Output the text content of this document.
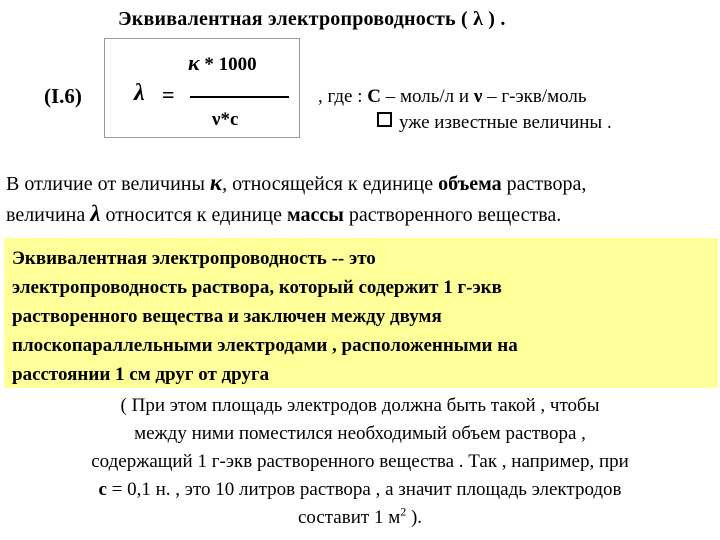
Эквивалентная электропроводность ( λ ) .
(I.6)
κ * 1000
λ =
ν*c
, где : С – моль/л и ν – г-экв/моль
уже известные величины .
В отличие от величины κ, относящейся к единице объема раствора,
величина λ относится к единице массы растворенного вещества.
Эквивалентная электропроводность -- это
электропроводность раствора, который содержит 1 г-экв
растворенного вещества и заключен между двумя
плоскопараллельными электродами , расположенными на
расстоянии 1 см друг от друга
( При этом площадь электродов должна быть такой , чтобы
между ними поместился необходимый объем раствора ,
содержащий 1 г-экв растворенного вещества . Так , например, при
с = 0,1 н. , это 10 литров раствора , а значит площадь электродов
составит 1 $м^2$ ).
